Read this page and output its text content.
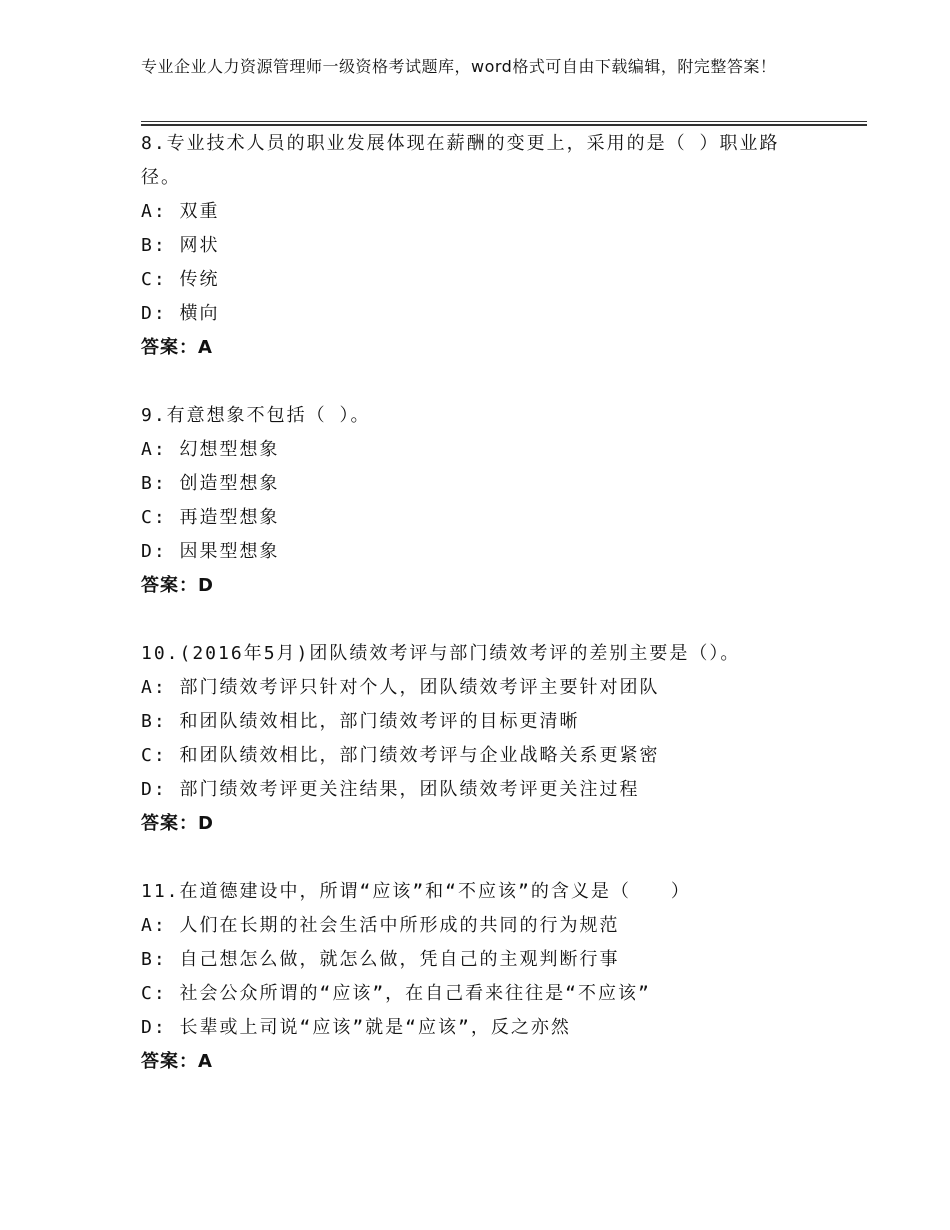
专业企业人力资源管理师一级资格考试题库，word格式可自由下载编辑，附完整答案！
8.专业技术人员的职业发展体现在薪酬的变更上，采用的是（ ）职业路径。
A: 双重
B: 网状
C: 传统
D: 横向
答案：A
9.有意想象不包括（ ）。
A: 幻想型想象
B: 创造型想象
C: 再造型想象
D: 因果型想象
答案：D
10.(2016年5月)团队绩效考评与部门绩效考评的差别主要是（）。
A: 部门绩效考评只针对个人，团队绩效考评主要针对团队
B: 和团队绩效相比，部门绩效考评的目标更清晰
C: 和团队绩效相比，部门绩效考评与企业战略关系更紧密
D: 部门绩效考评更关注结果，团队绩效考评更关注过程
答案：D
11.在道德建设中，所谓“应该”和“不应该”的含义是（　　）
A: 人们在长期的社会生活中所形成的共同的行为规范
B: 自己想怎么做，就怎么做，凭自己的主观判断行事
C: 社会公众所谓的“应该”，在自己看来往往是“不应该”
D: 长辈或上司说“应该”就是“应该”，反之亦然
答案：A
